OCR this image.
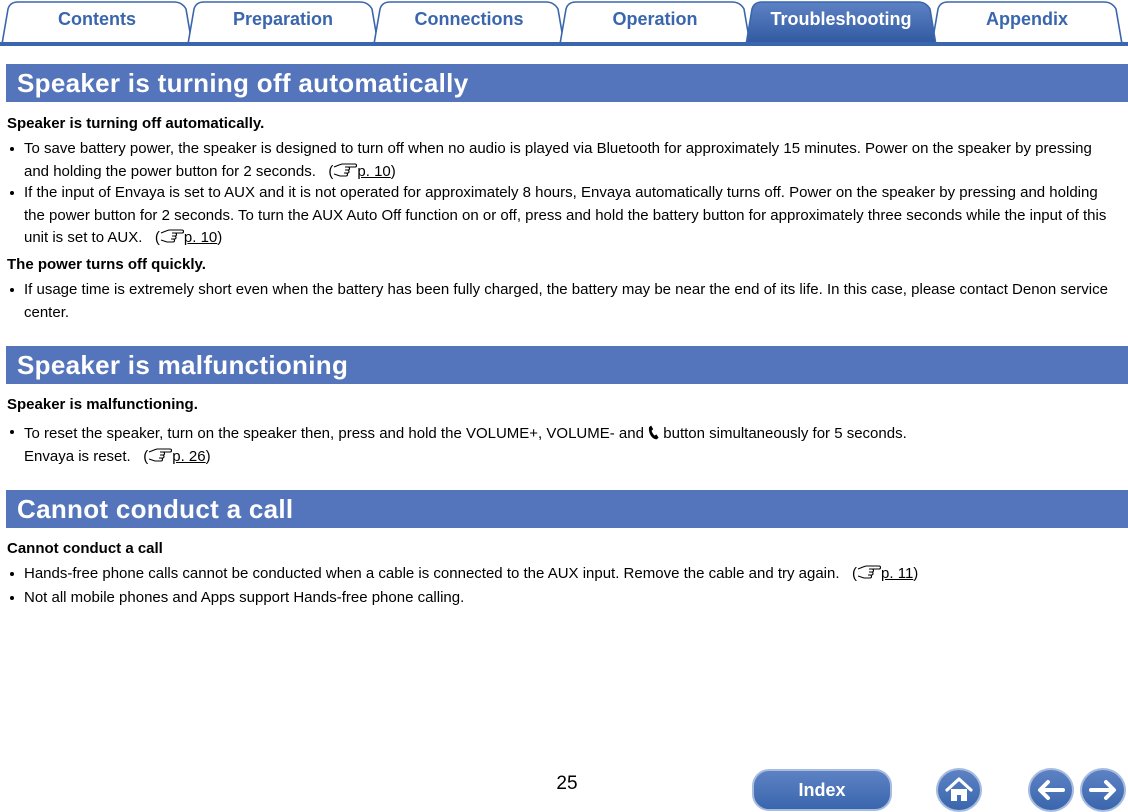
Contents	Preparation	Connections	Operation	Troubleshooting	Appendix
Speaker is turning off automatically
Speaker is turning off automatically.
To save battery power, the speaker is designed to turn off when no audio is played via Bluetooth for approximately 15 minutes. Power on the speaker by pressing and holding the power button for 2 seconds.   ( p. 10)
If the input of Envaya is set to AUX and it is not operated for approximately 8 hours, Envaya automatically turns off. Power on the speaker by pressing and holding the power button for 2 seconds. To turn the AUX Auto Off function on or off, press and hold the battery button for approximately three seconds while the input of this unit is set to AUX.   ( p. 10)
The power turns off quickly.
If usage time is extremely short even when the battery has been fully charged, the battery may be near the end of its life. In this case, please contact Denon service center.
Speaker is malfunctioning
Speaker is malfunctioning.
To reset the speaker, turn on the speaker then, press and hold the VOLUME+, VOLUME- and button simultaneously for 5 seconds.
Envaya is reset.   ( p. 26)
Cannot conduct a call
Cannot conduct a call
Hands-free phone calls cannot be conducted when a cable is connected to the AUX input. Remove the cable and try again.   ( p. 11)
Not all mobile phones and Apps support Hands-free phone calling.
25	Index
